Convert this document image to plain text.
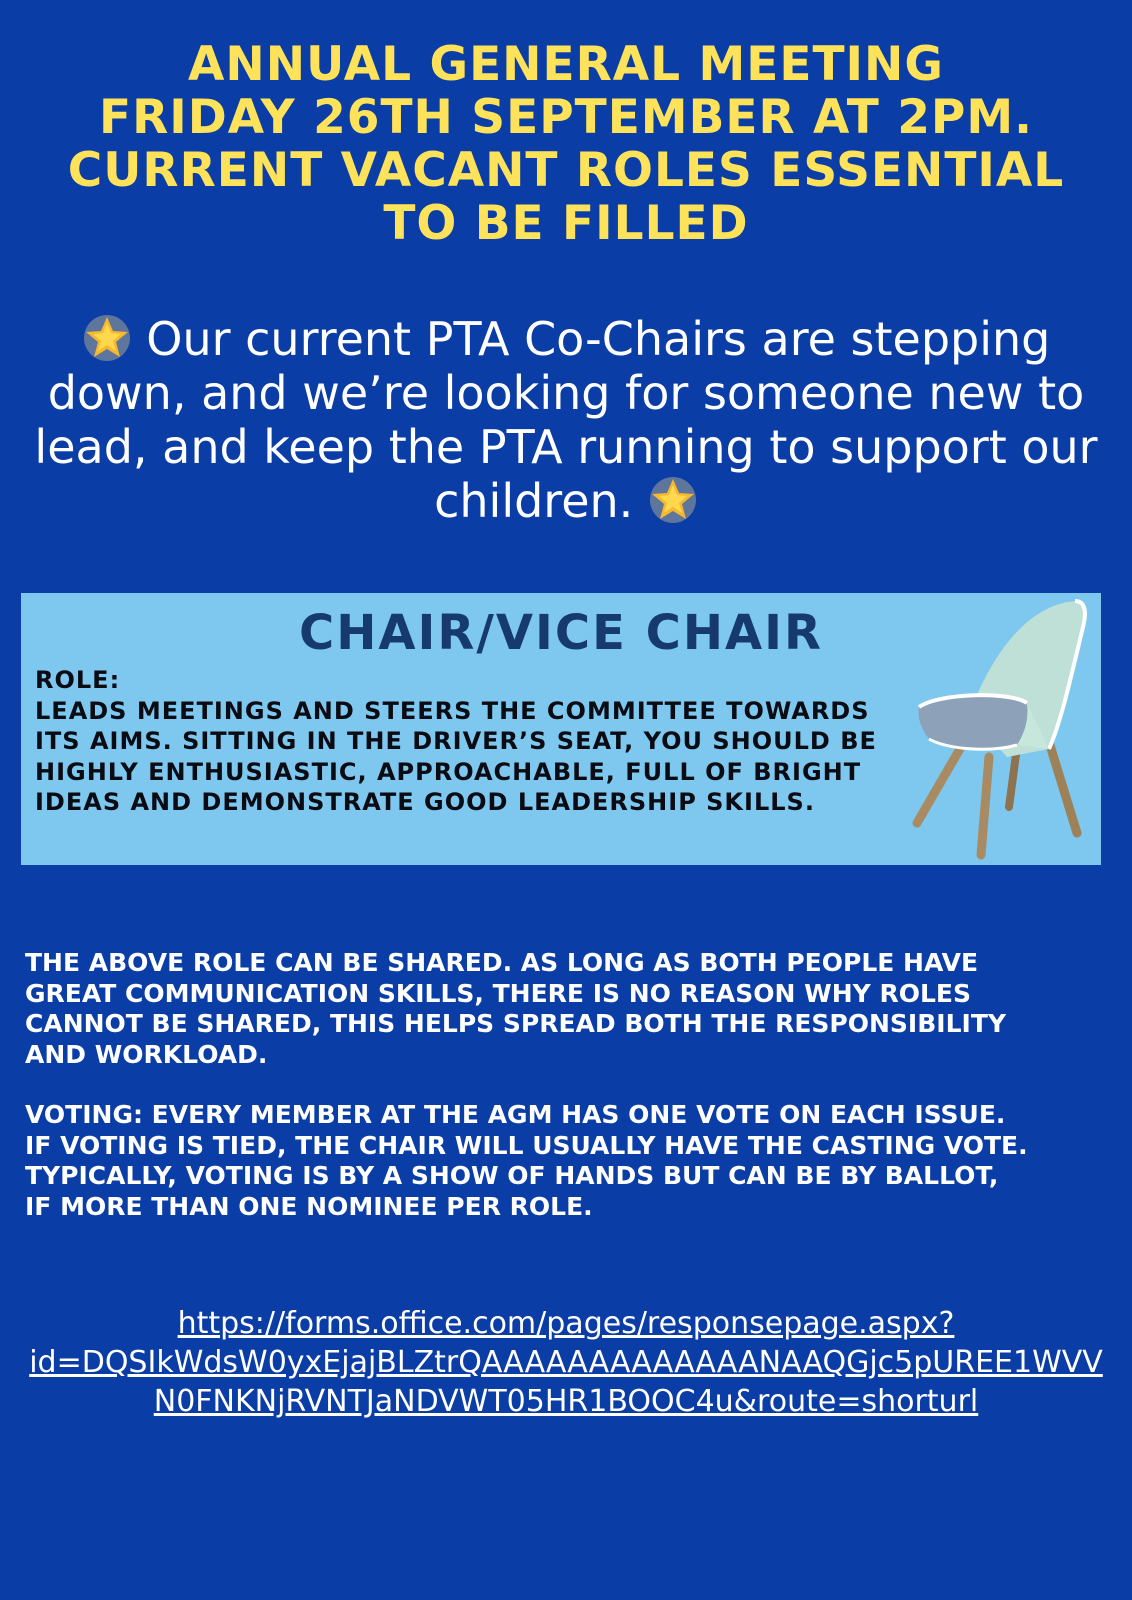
ANNUAL GENERAL MEETING
FRIDAY 26TH SEPTEMBER AT 2PM.
CURRENT VACANT ROLES ESSENTIAL
TO BE FILLED
Our current PTA Co-Chairs are stepping
down, and we’re looking for someone new to
lead, and keep the PTA running to support our
children.
CHAIR/VICE CHAIR
ROLE:
LEADS MEETINGS AND STEERS THE COMMITTEE TOWARDS
ITS AIMS. SITTING IN THE DRIVER’S SEAT, YOU SHOULD BE
HIGHLY ENTHUSIASTIC, APPROACHABLE, FULL OF BRIGHT
IDEAS AND DEMONSTRATE GOOD LEADERSHIP SKILLS.
THE ABOVE ROLE CAN BE SHARED. AS LONG AS BOTH PEOPLE HAVE
GREAT COMMUNICATION SKILLS, THERE IS NO REASON WHY ROLES
CANNOT BE SHARED, THIS HELPS SPREAD BOTH THE RESPONSIBILITY
AND WORKLOAD.
VOTING: EVERY MEMBER AT THE AGM HAS ONE VOTE ON EACH ISSUE.
IF VOTING IS TIED, THE CHAIR WILL USUALLY HAVE THE CASTING VOTE.
TYPICALLY, VOTING IS BY A SHOW OF HANDS BUT CAN BE BY BALLOT,
IF MORE THAN ONE NOMINEE PER ROLE.
https://forms.office.com/pages/responsepage.aspx?
id=DQSIkWdsW0yxEjajBLZtrQAAAAAAAAAAAAANAAQGjc5pUREE1WVV
N0FNKNjRVNTJaNDVWT05HR1BOOC4u&route=shorturl
